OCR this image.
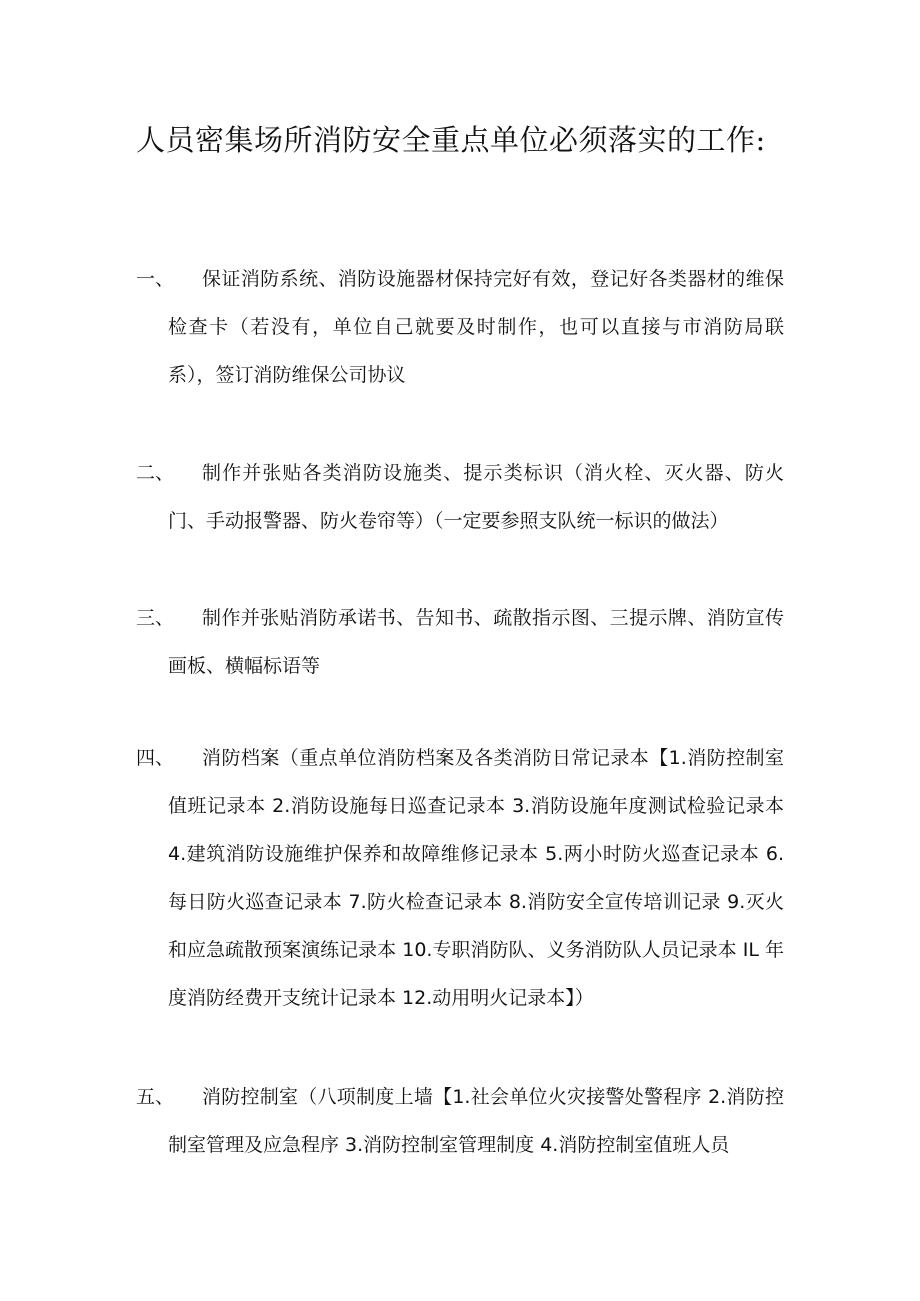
人员密集场所消防安全重点单位必须落实的工作:
一、	保证消防系统、消防设施器材保持完好有效，登记好各类器材的维保检查卡（若没有，单位自己就要及时制作，也可以直接与市消防局联系），签订消防维保公司协议
二、	制作并张贴各类消防设施类、提示类标识（消火栓、灭火器、防火门、手动报警器、防火卷帘等）（一定要参照支队统一标识的做法）
三、	制作并张贴消防承诺书、告知书、疏散指示图、三提示牌、消防宣传画板、横幅标语等
四、	消防档案（重点单位消防档案及各类消防日常记录本【1.消防控制室值班记录本 2.消防设施每日巡查记录本 3.消防设施年度测试检验记录本 4.建筑消防设施维护保养和故障维修记录本 5.两小时防火巡查记录本 6.每日防火巡查记录本 7.防火检查记录本 8.消防安全宣传培训记录 9.灭火和应急疏散预案演练记录本 10.专职消防队、义务消防队人员记录本 IL 年度消防经费开支统计记录本 12.动用明火记录本】）
五、	消防控制室（八项制度上墙【1.社会单位火灾接警处警程序 2.消防控制室管理及应急程序 3.消防控制室管理制度 4.消防控制室值班人员
